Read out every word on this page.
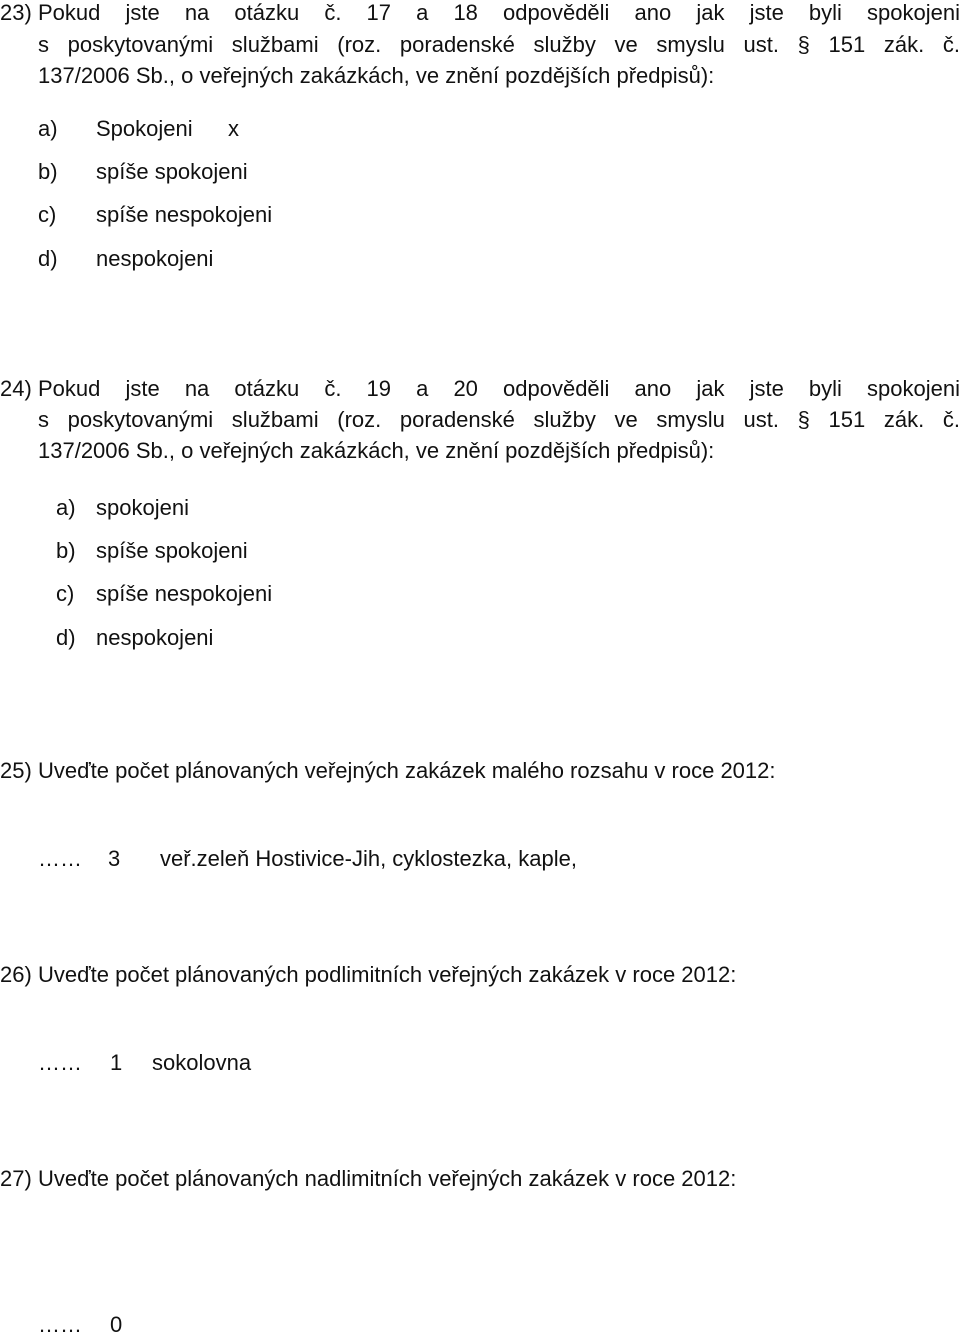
23) Pokud jste na otázku č. 17 a 18 odpověděli ano jak jste byli spokojeni
s poskytovanými službami (roz. poradenské služby ve smyslu ust. § 151 zák. č.
137/2006 Sb., o veřejných zakázkách, ve znění pozdějších předpisů):
a) Spokojeni x
b) spíše spokojeni
c) spíše nespokojeni
d) nespokojeni
24) Pokud jste na otázku č. 19 a 20 odpověděli ano jak jste byli spokojeni
s poskytovanými službami (roz. poradenské služby ve smyslu ust. § 151 zák. č.
137/2006 Sb., o veřejných zakázkách, ve znění pozdějších předpisů):
a) spokojeni
b) spíše spokojeni
c) spíše nespokojeni
d) nespokojeni
25) Uveďte počet plánovaných veřejných zakázek malého rozsahu v roce 2012:
…… 3 veř.zeleň Hostivice-Jih, cyklostezka, kaple,
26) Uveďte počet plánovaných podlimitních veřejných zakázek v roce 2012:
…… 1 sokolovna
27) Uveďte počet plánovaných nadlimitních veřejných zakázek v roce 2012:
…… 0
